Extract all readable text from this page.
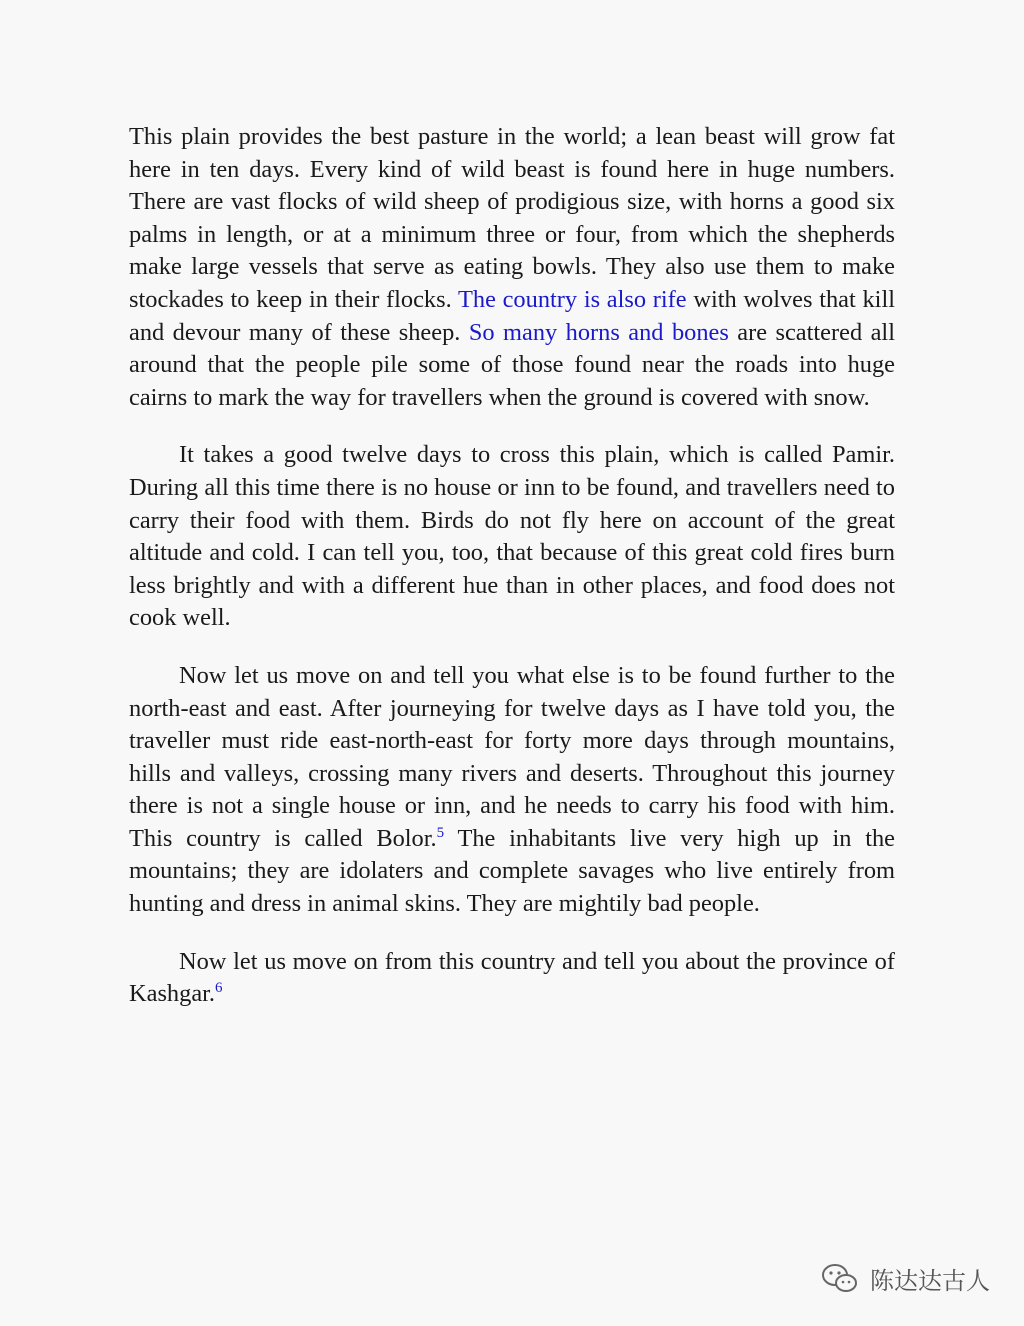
This plain provides the best pasture in the world; a lean beast will grow fat here in ten days. Every kind of wild beast is found here in huge numbers. There are vast flocks of wild sheep of prodigious size, with horns a good six palms in length, or at a minimum three or four, from which the shepherds make large vessels that serve as eating bowls. They also use them to make stockades to keep in their flocks. The country is also rife with wolves that kill and devour many of these sheep. So many horns and bones are scattered all around that the people pile some of those found near the roads into huge cairns to mark the way for travellers when the ground is covered with snow.

It takes a good twelve days to cross this plain, which is called Pamir. During all this time there is no house or inn to be found, and travellers need to carry their food with them. Birds do not fly here on account of the great altitude and cold. I can tell you, too, that because of this great cold fires burn less brightly and with a different hue than in other places, and food does not cook well.

Now let us move on and tell you what else is to be found further to the north-east and east. After journeying for twelve days as I have told you, the traveller must ride east-north-east for forty more days through mountains, hills and valleys, crossing many rivers and deserts. Throughout this journey there is not a single house or inn, and he needs to carry his food with him. This country is called Bolor.$^5$ The inhabitants live very high up in the mountains; they are idolaters and complete savages who live entirely from hunting and dress in animal skins. They are mightily bad people.

Now let us move on from this country and tell you about the province of Kashgar.$^6$

陈达达古人
